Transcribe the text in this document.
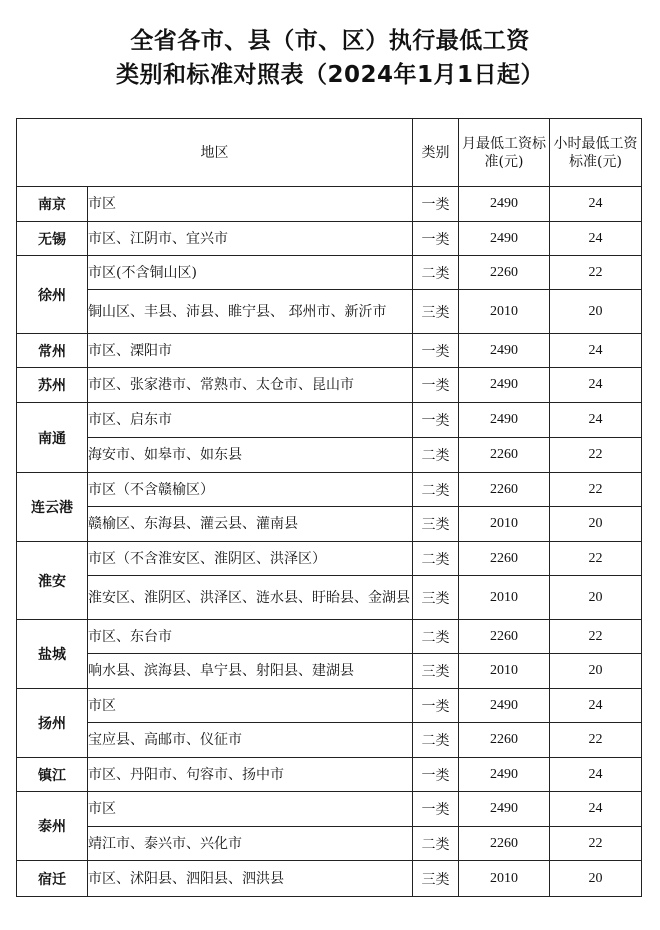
全省各市、县（市、区）执行最低工资
类别和标准对照表（2024年1月1日起）
地区		类别	月最低工资标准(元)	小时最低工资标准(元)
南京	市区	一类	2490	24
无锡	市区、江阴市、宜兴市	一类	2490	24
徐州	市区(不含铜山区)	二类	2260	22
	铜山区、丰县、沛县、睢宁县、 邳州市、新沂市	三类	2010	20
常州	市区、溧阳市	一类	2490	24
苏州	市区、张家港市、常熟市、太仓市、昆山市	一类	2490	24
南通	市区、启东市	一类	2490	24
	海安市、如皋市、如东县	二类	2260	22
连云港	市区（不含赣榆区）	二类	2260	22
	赣榆区、东海县、灌云县、灌南县	三类	2010	20
淮安	市区（不含淮安区、淮阴区、洪泽区）	二类	2260	22
	淮安区、淮阴区、洪泽区、涟水县、盱眙县、金湖县	三类	2010	20
盐城	市区、东台市	二类	2260	22
	响水县、滨海县、阜宁县、射阳县、建湖县	三类	2010	20
扬州	市区	一类	2490	24
	宝应县、高邮市、仪征市	二类	2260	22
镇江	市区、丹阳市、句容市、扬中市	一类	2490	24
泰州	市区	一类	2490	24
	靖江市、泰兴市、兴化市	二类	2260	22
宿迁	市区、沭阳县、泗阳县、泗洪县	三类	2010	20
